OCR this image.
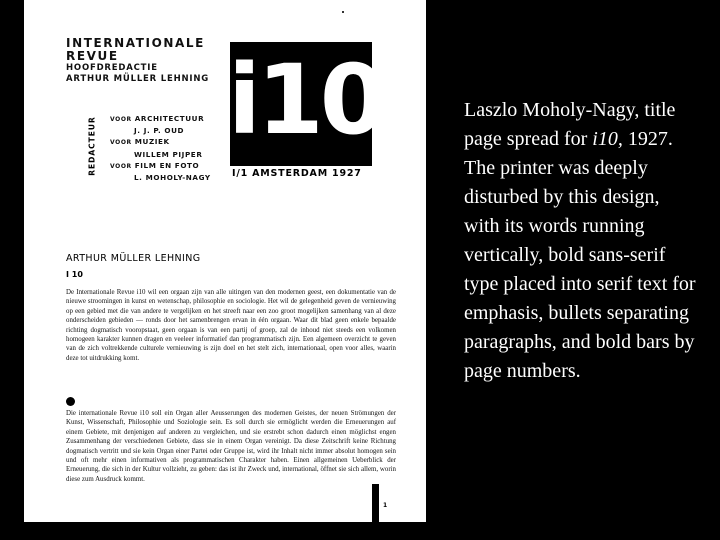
INTERNATIONALE
REVUE
HOOFDREDACTIE
ARTHUR MÜLLER LEHNING i10
REDACTEUR VOOR ARCHITECTUUR
J. J. P. OUD
VOOR MUZIEK
WILLEM PIJPER
VOOR FILM EN FOTO
L. MOHOLY-NAGY I/1 AMSTERDAM 1927
ARTHUR MÜLLER LEHNING
I 10
De Internationale Revue i10 wil een orgaan zijn van alle uitingen van den modernen geest, een dokumentatie van de nieuwe stroomingen in kunst en wetenschap, philosophie en sociologie. Het wil de gelegenheid geven de vernieuwing op een gebied met die van andere te vergelijken en het streeft naar een zoo groot mogelijken samenhang van al deze onderscheiden gebieden — ronds door het samenbrengen ervan in één orgaan. Waar dit blad geen enkele bepaalde richting dogmatisch vooropstaat, geen orgaan is van een partij of groep, zal de inhoud niet steeds een volkomen homogeen karakter kunnen dragen en veeleer informatief dan programmatisch zijn. Een algemeen overzicht te geven van de zich voltrekkende culturele vernieuwing is zijn doel en het stelt zich, internationaal, open voor alles, waarin deze tot uitdrukking komt.
Die internationale Revue i10 soll ein Organ aller Aeusserungen des modernen Geistes, der neuen Strömungen der Kunst, Wissenschaft, Philosophie und Soziologie sein. Es soll durch sie ermöglicht werden die Erneuerungen auf einem Gebiete, mit denjenigen auf anderen zu vergleichen, und sie erstrebt schon dadurch einen möglichst engen Zusammenhang der verschiedenen Gebiete, dass sie in einem Organ vereinigt. Da diese Zeitschrift keine Richtung dogmatisch vertritt und sie kein Organ einer Partei oder Gruppe ist, wird ihr Inhalt nicht immer absolut homogen sein und oft mehr einen informativen als programmatischen Charakter haben. Einen allgemeinen Ueberblick der Erneuerung, die sich in der Kultur vollzieht, zu geben: das ist ihr Zweck und, international, öffnet sie sich allem, worin diese zum Ausdruck kommt.
1
Laszlo Moholy-Nagy, title page spread for i10, 1927. The printer was deeply disturbed by this design, with its words running vertically, bold sans-serif type placed into serif text for emphasis, bullets separating paragraphs, and bold bars by page numbers.
